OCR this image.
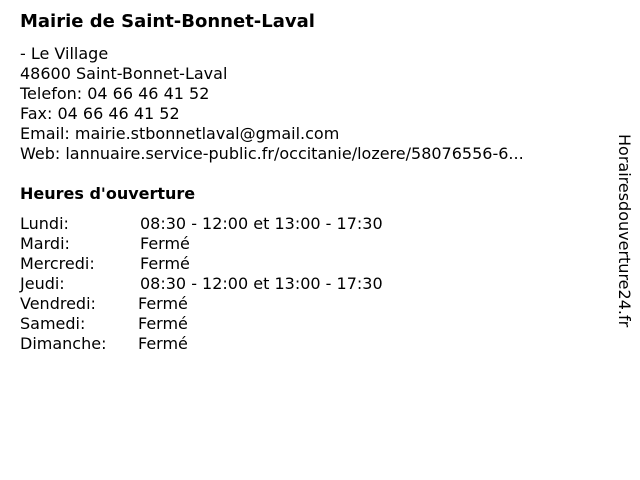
Mairie de Saint-Bonnet-Laval
- Le Village
48600 Saint-Bonnet-Laval
Telefon: 04 66 46 41 52
Fax: 04 66 46 41 52
Email: mairie.stbonnetlaval@gmail.com
Web: lannuaire.service-public.fr/occitanie/lozere/58076556-6...
Heures d'ouverture
Lundi:	08:30 - 12:00 et 13:00 - 17:30
Mardi:	Fermé
Mercredi:	Fermé
Jeudi:	08:30 - 12:00 et 13:00 - 17:30
Vendredi:	Fermé
Samedi:	Fermé
Dimanche: Fermé
Horairesdouverture24.fr
